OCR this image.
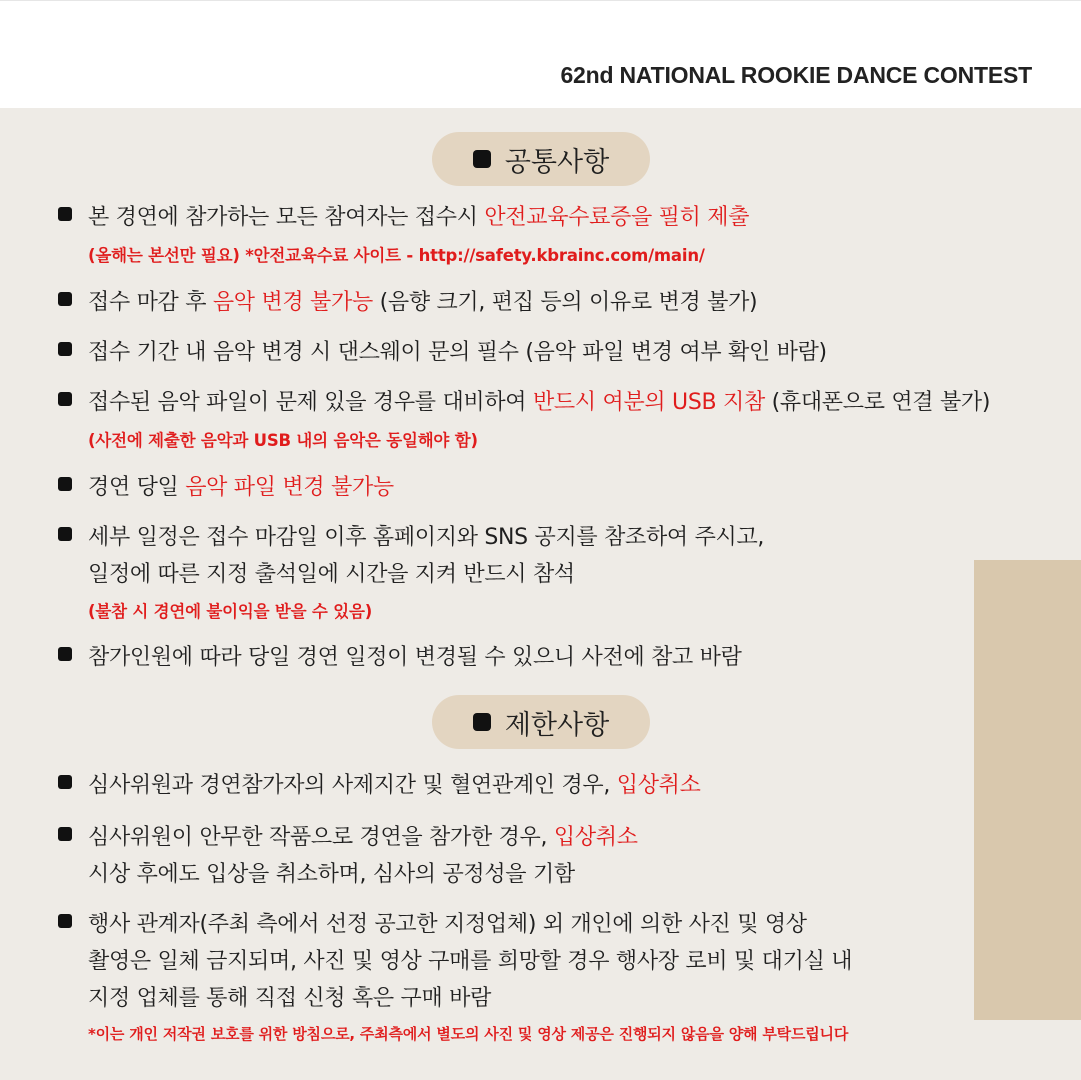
62nd NATIONAL ROOKIE DANCE CONTEST
공통사항
본 경연에 참가하는 모든 참여자는 접수시 안전교육수료증을 필히 제출
(올해는 본선만 필요) *안전교육수료 사이트 - http://safety.kbrainc.com/main/
접수 마감 후 음악 변경 불가능 (음향 크기, 편집 등의 이유로 변경 불가)
접수 기간 내 음악 변경 시 댄스웨이 문의 필수 (음악 파일 변경 여부 확인 바람)
접수된 음악 파일이 문제 있을 경우를 대비하여 반드시 여분의 USB 지참 (휴대폰으로 연결 불가)
(사전에 제출한 음악과 USB 내의 음악은 동일해야 함)
경연 당일 음악 파일 변경 불가능
세부 일정은 접수 마감일 이후 홈페이지와 SNS 공지를 참조하여 주시고,
일정에 따른 지정 출석일에 시간을 지켜 반드시 참석
(불참 시 경연에 불이익을 받을 수 있음)
참가인원에 따라 당일 경연 일정이 변경될 수 있으니 사전에 참고 바람
제한사항
심사위원과 경연참가자의 사제지간 및 혈연관계인 경우, 입상취소
심사위원이 안무한 작품으로 경연을 참가한 경우, 입상취소
시상 후에도 입상을 취소하며, 심사의 공정성을 기함
행사 관계자(주최 측에서 선정 공고한 지정업체) 외 개인에 의한 사진 및 영상
촬영은 일체 금지되며, 사진 및 영상 구매를 희망할 경우 행사장 로비 및 대기실 내
지정 업체를 통해 직접 신청 혹은 구매 바람
*이는 개인 저작권 보호를 위한 방침으로, 주최측에서 별도의 사진 및 영상 제공은 진행되지 않음을 양해 부탁드립니다
